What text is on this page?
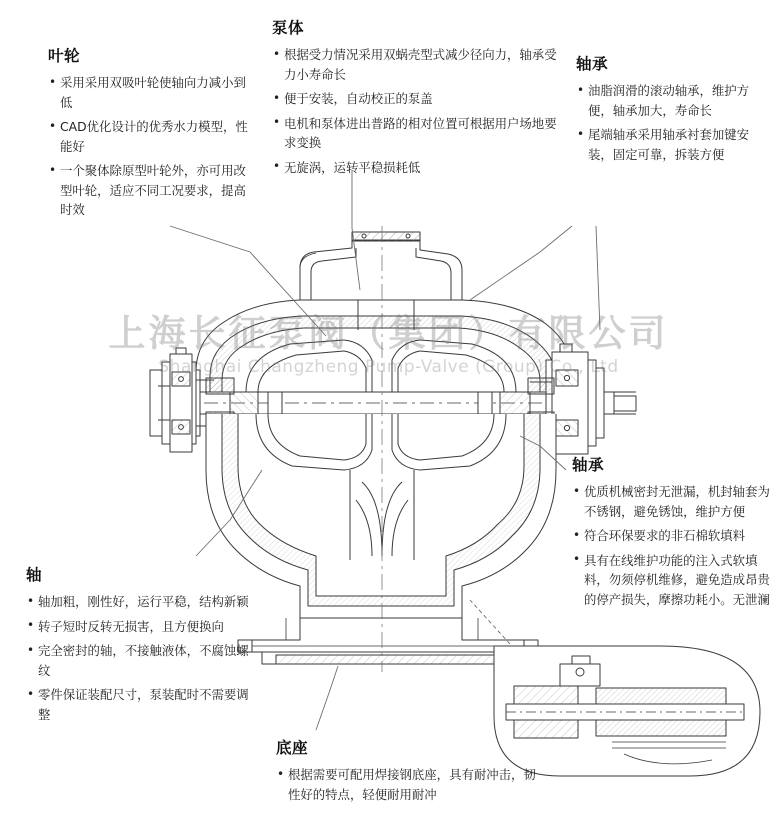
上海长征泵阀（集团）有限公司
Shanghai Changzheng Pump-Valve (Group) Co., Ltd
叶轮
• 采用采用双吸叶轮使轴向力减小到低
• CAD优化设计的优秀水力模型，性能好
• 一个聚体除原型叶轮外，亦可用改型叶轮，适应不同工况要求，提高时效
泵体
• 根据受力情况采用双蜗壳型式减少径向力，轴承受力小寿命长
• 便于安装，自动校正的泵盖
• 电机和泵体进出普路的相对位置可根据用户场地要求变换
• 无旋涡，运转平稳损耗低
轴承
• 油脂润滑的滚动轴承，维护方便，轴承加大，寿命长
• 尾端轴承采用轴承衬套加键安装，固定可靠，拆装方便
轴承
• 优质机械密封无泄漏，机封轴套为不锈钢，避免锈蚀，维护方便
• 符合环保要求的非石棉软填料
• 具有在线维护功能的注入式软填料，勿须停机维修，避免造成昂贵的停产损失，摩擦功耗小。无泄澜
轴
• 轴加粗，刚性好，运行平稳，结构新颖
• 转子短时反转无损害，且方便换向
• 完全密封的轴，不接触液体，不腐蚀螺纹
• 零件保证装配尺寸，泵装配时不需要调整
底座
• 根据需要可配用焊接钢底座，具有耐冲击，韧性好的特点，轻便耐用耐冲
